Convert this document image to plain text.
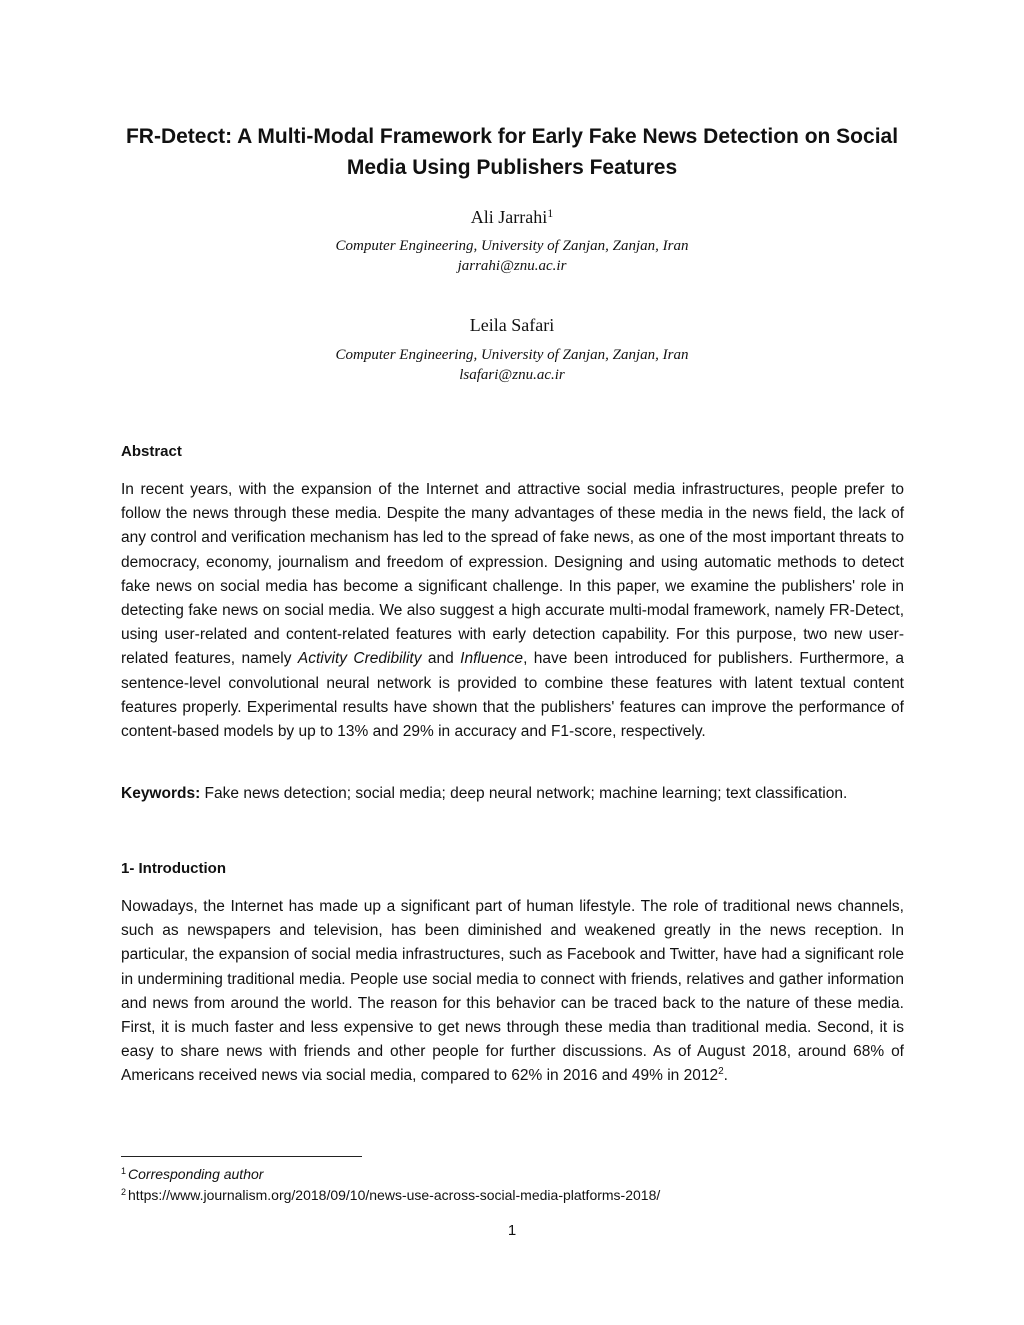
FR-Detect: A Multi-Modal Framework for Early Fake News Detection on Social Media Using Publishers Features
Ali Jarrahi$^1$
Computer Engineering, University of Zanjan, Zanjan, Iran
jarrahi@znu.ac.ir
Leila Safari
Computer Engineering, University of Zanjan, Zanjan, Iran
lsafari@znu.ac.ir
Abstract
In recent years, with the expansion of the Internet and attractive social media infrastructures, people prefer to follow the news through these media. Despite the many advantages of these media in the news field, the lack of any control and verification mechanism has led to the spread of fake news, as one of the most important threats to democracy, economy, journalism and freedom of expression. Designing and using automatic methods to detect fake news on social media has become a significant challenge. In this paper, we examine the publishers' role in detecting fake news on social media. We also suggest a high accurate multi-modal framework, namely FR-Detect, using user-related and content-related features with early detection capability. For this purpose, two new user-related features, namely Activity Credibility and Influence, have been introduced for publishers. Furthermore, a sentence-level convolutional neural network is provided to combine these features with latent textual content features properly. Experimental results have shown that the publishers' features can improve the performance of content-based models by up to 13% and 29% in accuracy and F1-score, respectively.
Keywords: Fake news detection; social media; deep neural network; machine learning; text classification.
1- Introduction
Nowadays, the Internet has made up a significant part of human lifestyle. The role of traditional news channels, such as newspapers and television, has been diminished and weakened greatly in the news reception. In particular, the expansion of social media infrastructures, such as Facebook and Twitter, have had a significant role in undermining traditional media. People use social media to connect with friends, relatives and gather information and news from around the world. The reason for this behavior can be traced back to the nature of these media. First, it is much faster and less expensive to get news through these media than traditional media. Second, it is easy to share news with friends and other people for further discussions. As of August 2018, around 68% of Americans received news via social media, compared to 62% in 2016 and 49% in 2012$^2$.
$^1$ Corresponding author
$^2$ https://www.journalism.org/2018/09/10/news-use-across-social-media-platforms-2018/
1
